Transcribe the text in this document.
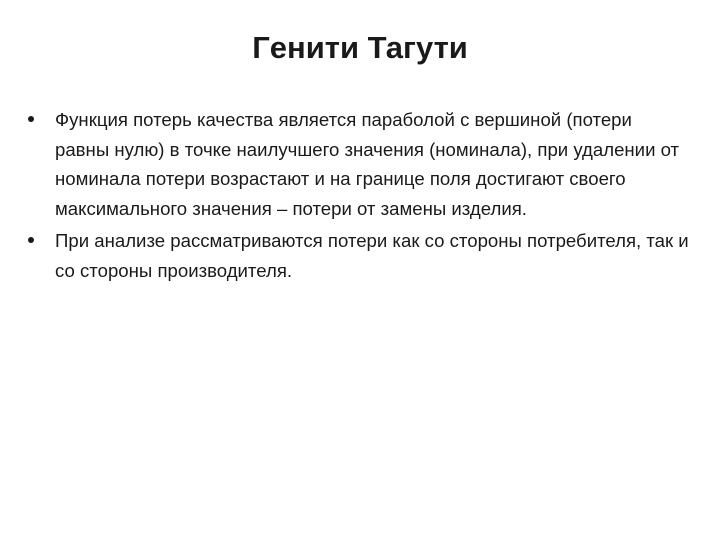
Гeнити Тагути
Функция потерь качества является параболой с вершиной (потери равны нулю) в точке наилучшего значения (номинала), при удалении от номинала потери возрастают и на границе поля достигают своего максимального значения – потери от замены изделия.
При анализе рассматриваются потери как со стороны потребителя, так и со стороны производителя.
